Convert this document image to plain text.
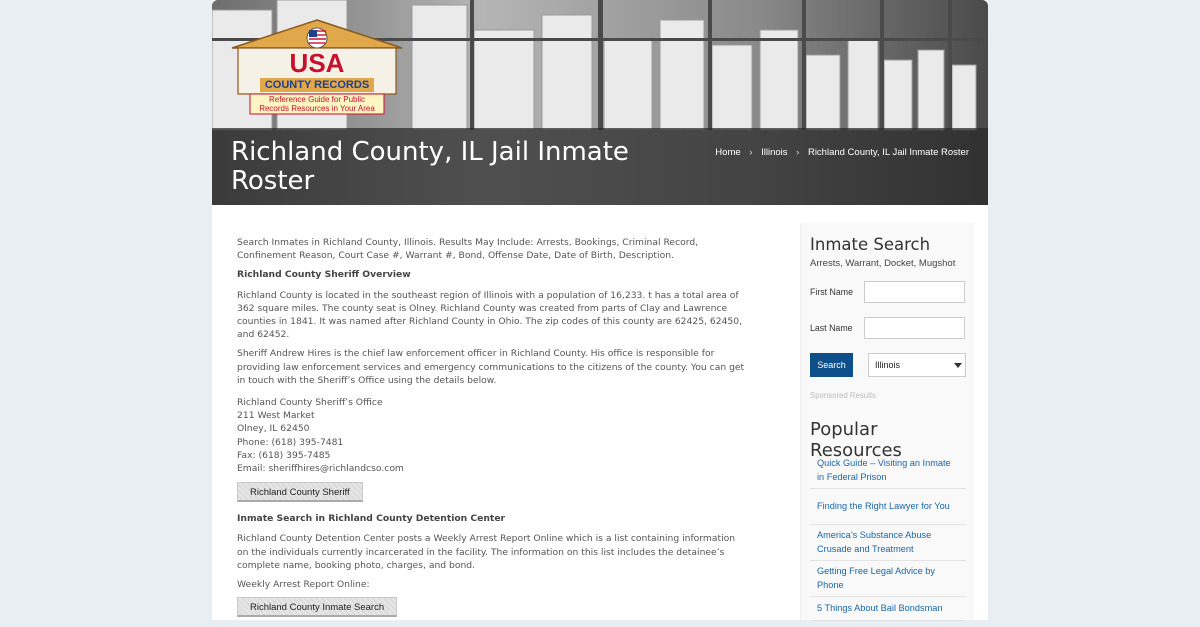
USA
COUNTY RECORDS
Reference Guide for Public
Records Resources in Your Area
Richland County, IL Jail Inmate Roster
Home › Illinois › Richland County, IL Jail Inmate Roster

Search Inmates in Richland County, Illinois. Results May Include: Arrests, Bookings, Criminal Record, Confinement Reason, Court Case #, Warrant #, Bond, Offense Date, Date of Birth, Description.

Richland County Sheriff Overview

Richland County is located in the southeast region of Illinois with a population of 16,233. t has a total area of 362 square miles. The county seat is Olney. Richland County was created from parts of Clay and Lawrence counties in 1841. It was named after Richland County in Ohio. The zip codes of this county are 62425, 62450, and 62452.

Sheriff Andrew Hires is the chief law enforcement officer in Richland County. His office is responsible for providing law enforcement services and emergency communications to the citizens of the county. You can get in touch with the Sheriff’s Office using the details below.

Richland County Sheriff’s Office
211 West Market
Olney, IL 62450
Phone: (618) 395-7481
Fax: (618) 395-7485
Email: sheriffhires@richlandcso.com

Richland County Sheriff
Inmate Search in Richland County Detention Center

Richland County Detention Center posts a Weekly Arrest Report Online which is a list containing information on the individuals currently incarcerated in the facility. The information on this list includes the detainee’s complete name, booking photo, charges, and bond.

Weekly Arrest Report Online:

Richland County Inmate Search
Inmate Search
Arrests, Warrant, Docket, Mugshot
First Name
Last Name
Search	Illinois
Sponsored Results
Popular Resources
Quick Guide – Visiting an Inmate in Federal Prison
Finding the Right Lawyer for You
America’s Substance Abuse Crusade and Treatment
Getting Free Legal Advice by Phone
5 Things About Bail Bondsman
